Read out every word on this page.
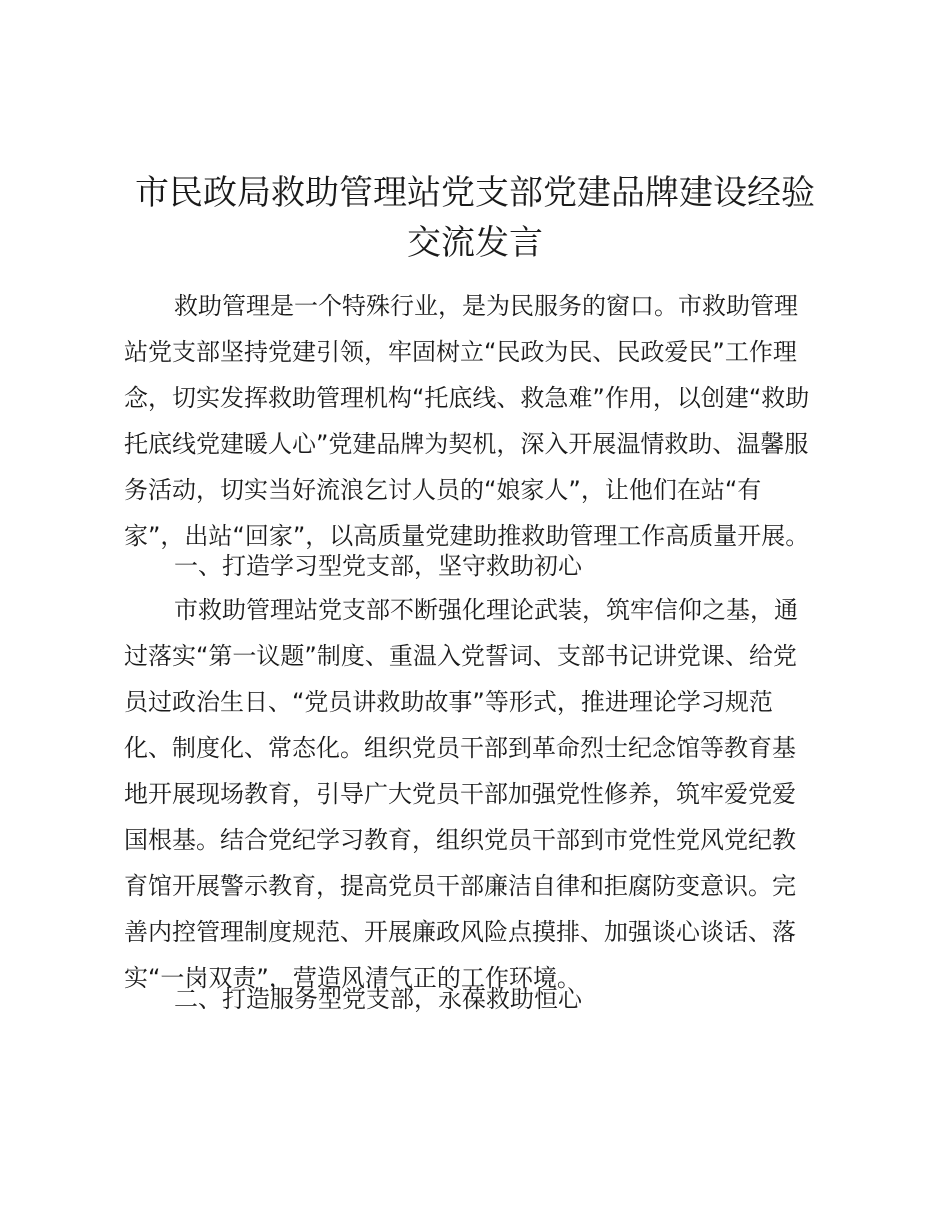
市民政局救助管理站党支部党建品牌建设经验
交流发言
救助管理是一个特殊行业，是为民服务的窗口。市救助管理
站党支部坚持党建引领，牢固树立“民政为民、民政爱民”工作理
念，切实发挥救助管理机构“托底线、救急难”作用，以创建“救助
托底线党建暖人心”党建品牌为契机，深入开展温情救助、温馨服
务活动，切实当好流浪乞讨人员的“娘家人”，让他们在站“有
家”，出站“回家”，以高质量党建助推救助管理工作高质量开展。

一、打造学习型党支部，坚守救助初心

市救助管理站党支部不断强化理论武装，筑牢信仰之基，通
过落实“第一议题”制度、重温入党誓词、支部书记讲党课、给党
员过政治生日、“党员讲救助故事”等形式，推进理论学习规范
化、制度化、常态化。组织党员干部到革命烈士纪念馆等教育基
地开展现场教育，引导广大党员干部加强党性修养，筑牢爱党爱
国根基。结合党纪学习教育，组织党员干部到市党性党风党纪教
育馆开展警示教育，提高党员干部廉洁自律和拒腐防变意识。完
善内控管理制度规范、开展廉政风险点摸排、加强谈心谈话、落
实“一岗双责”，营造风清气正的工作环境。

二、打造服务型党支部，永葆救助恒心
